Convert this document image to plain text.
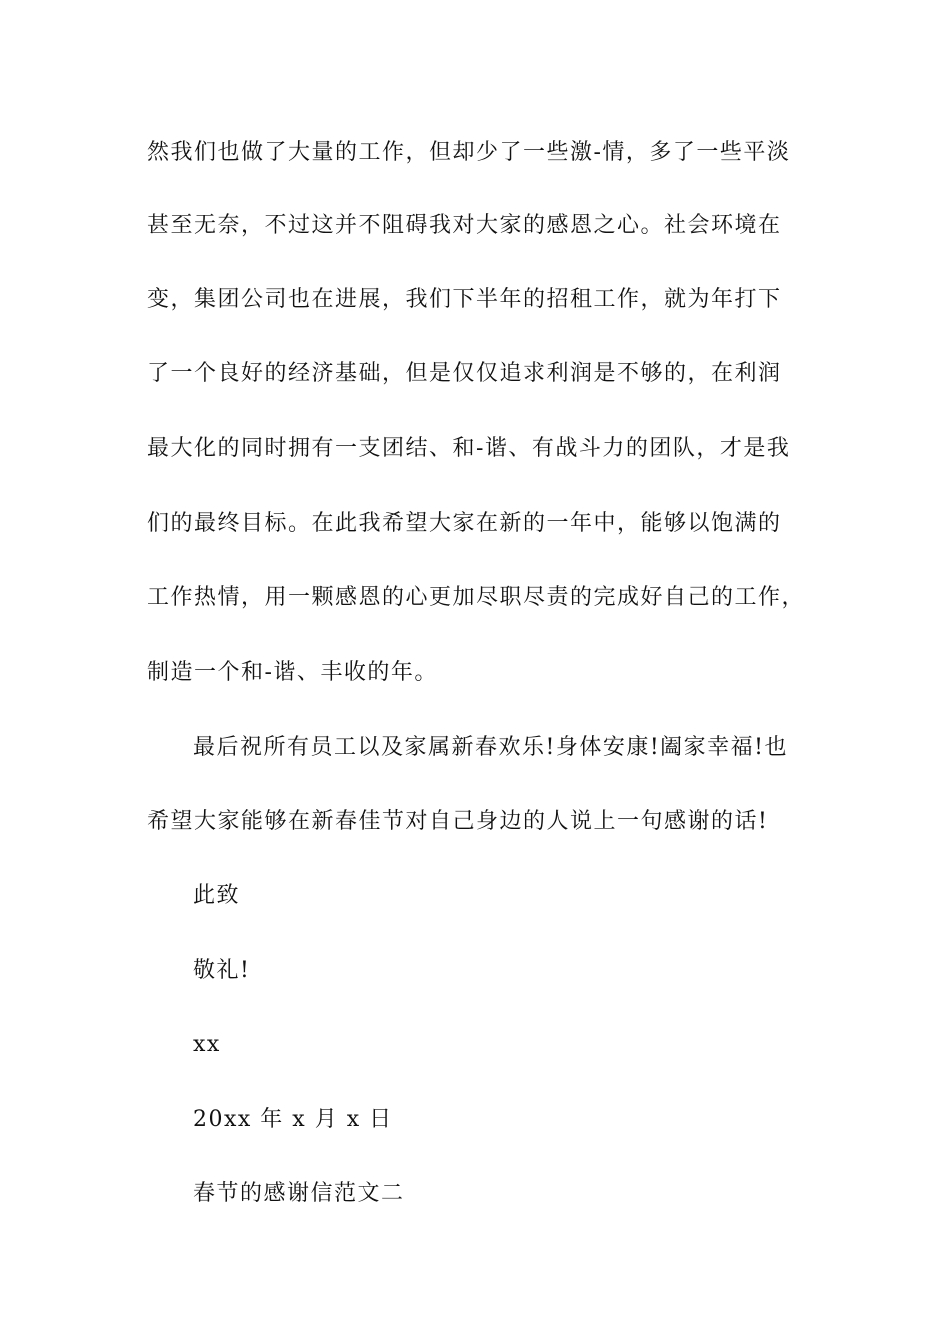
然我们也做了大量的工作，但却少了一些激-情，多了一些平淡

甚至无奈，不过这并不阻碍我对大家的感恩之心。社会环境在

变，集团公司也在进展，我们下半年的招租工作，就为年打下

了一个良好的经济基础，但是仅仅追求利润是不够的，在利润

最大化的同时拥有一支团结、和-谐、有战斗力的团队，才是我

们的最终目标。在此我希望大家在新的一年中，能够以饱满的

工作热情，用一颗感恩的心更加尽职尽责的完成好自己的工作，

制造一个和-谐、丰收的年。

最后祝所有员工以及家属新春欢乐!身体安康!阖家幸福!也

希望大家能够在新春佳节对自己身边的人说上一句感谢的话!

此致

敬礼!

xx

20xx 年 x 月 x 日

春节的感谢信范文二
